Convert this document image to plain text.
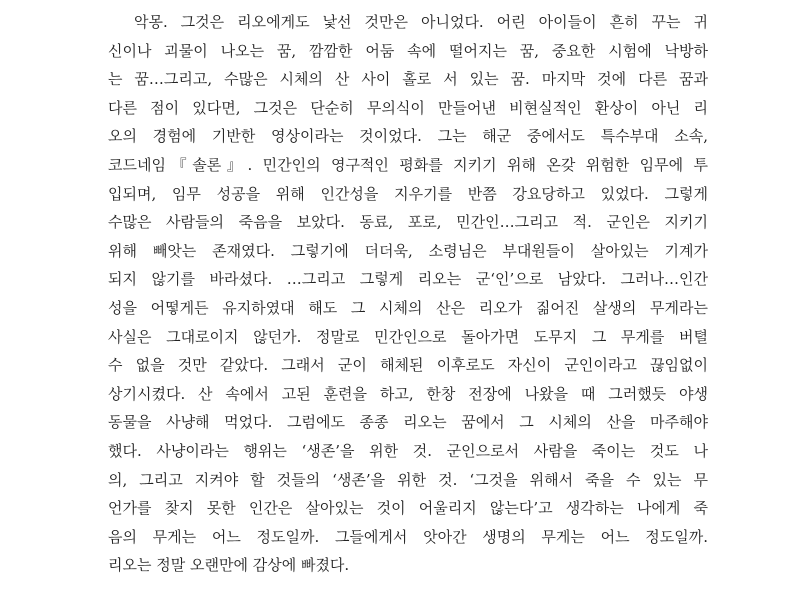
악몽. 그것은 리오에게도 낯선 것만은 아니었다. 어린 아이들이 흔히 꾸는 귀
신이나 괴물이 나오는 꿈, 깜깜한 어둠 속에 떨어지는 꿈, 중요한 시험에 낙방하
는 꿈…그리고, 수많은 시체의 산 사이 홀로 서 있는 꿈. 마지막 것에 다른 꿈과
다른 점이 있다면, 그것은 단순히 무의식이 만들어낸 비현실적인 환상이 아닌 리
오의 경험에 기반한 영상이라는 것이었다. 그는 해군 중에서도 특수부대 소속,
코드네임『솔론』. 민간인의 영구적인 평화를 지키기 위해 온갖 위험한 임무에 투
입되며, 임무 성공을 위해 인간성을 지우기를 반쯤 강요당하고 있었다. 그렇게
수많은 사람들의 죽음을 보았다. 동료, 포로, 민간인…그리고 적. 군인은 지키기
위해 빼앗는 존재였다. 그렇기에 더더욱, 소령님은 부대원들이 살아있는 기계가
되지 않기를 바라셨다. …그리고 그렇게 리오는 군‘인’으로 남았다. 그러나…인간
성을 어떻게든 유지하였대 해도 그 시체의 산은 리오가 짊어진 살생의 무게라는
사실은 그대로이지 않던가. 정말로 민간인으로 돌아가면 도무지 그 무게를 버텰
수 없을 것만 같았다. 그래서 군이 해체된 이후로도 자신이 군인이라고 끊임없이
상기시켰다. 산 속에서 고된 훈련을 하고, 한창 전장에 나왔을 때 그러했듯 야생
동물을 사냥해 먹었다. 그럼에도 종종 리오는 꿈에서 그 시체의 산을 마주해야
했다. 사냥이라는 행위는 ‘생존’을 위한 것. 군인으로서 사람을 죽이는 것도 나
의, 그리고 지켜야 할 것들의 ‘생존’을 위한 것. ‘그것을 위해서 죽을 수 있는 무
언가를 찾지 못한 인간은 살아있는 것이 어울리지 않는다’고 생각하는 나에게 죽
음의 무게는 어느 정도일까. 그들에게서 앗아간 생명의 무게는 어느 정도일까.
리오는 정말 오랜만에 감상에 빠졌다.
